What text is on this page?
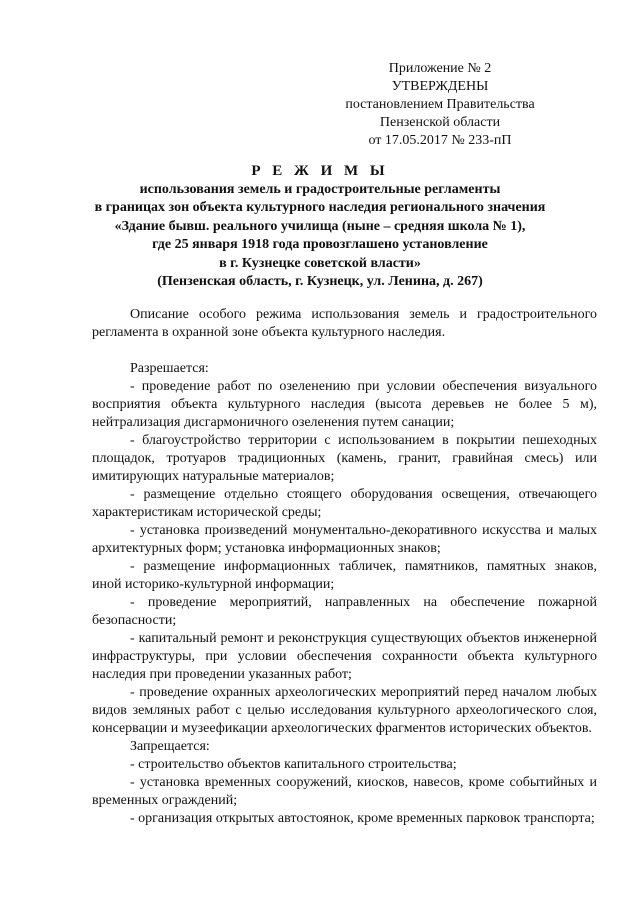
Приложение № 2
УТВЕРЖДЕНЫ
постановлением Правительства
Пензенской области
от 17.05.2017 № 233-пП
Р Е Ж И М Ы
использования земель и градостроительные регламенты
в границах зон объекта культурного наследия регионального значения
«Здание бывш. реального училища (ныне – средняя школа № 1),
где 25 января 1918 года провозглашено установление
в г. Кузнецке советской власти»
(Пензенская область, г. Кузнецк, ул. Ленина, д. 267)

Описание особого режима использования земель и градостроительного регламента в охранной зоне объекта культурного наследия.

Разрешается:

- проведение работ по озеленению при условии обеспечения визуального восприятия объекта культурного наследия (высота деревьев не более 5 м), нейтрализация дисгармоничного озеленения путем санации;

- благоустройство территории с использованием в покрытии пешеходных площадок, тротуаров традиционных (камень, гранит, гравийная смесь) или имитирующих натуральные материалов;

- размещение отдельно стоящего оборудования освещения, отвечающего характеристикам исторической среды;

- установка произведений монументально-декоративного искусства и малых архитектурных форм; установка информационных знаков;

- размещение информационных табличек, памятников, памятных знаков, иной историко-культурной информации;

- проведение мероприятий, направленных на обеспечение пожарной безопасности;

- капитальный ремонт и реконструкция существующих объектов инженерной инфраструктуры, при условии обеспечения сохранности объекта культурного наследия при проведении указанных работ;

- проведение охранных археологических мероприятий перед началом любых видов земляных работ с целью исследования культурного археологического слоя, консервации и музеефикации археологических фрагментов исторических объектов.

Запрещается:

- строительство объектов капитального строительства;

- установка временных сооружений, киосков, навесов, кроме событийных и временных ограждений;

- организация открытых автостоянок, кроме временных парковок транспорта;
